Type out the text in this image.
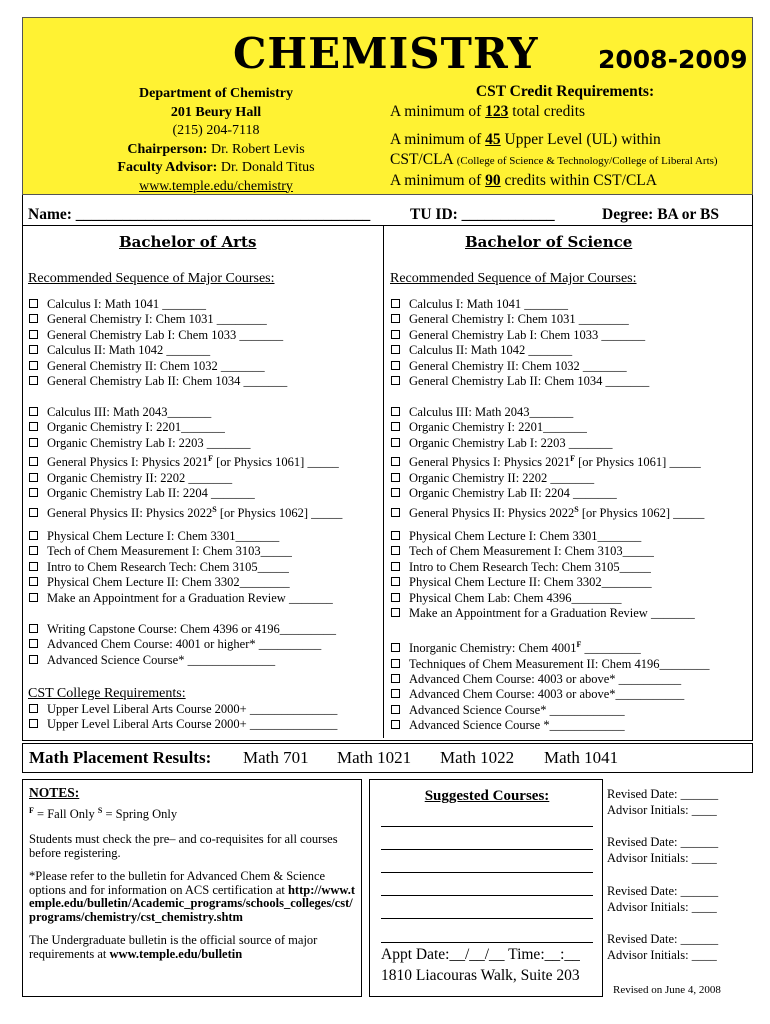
CHEMISTRY 2008-2009
Department of Chemistry
201 Beury Hall
(215) 204-7118
Chairperson: Dr. Robert Levis
Faculty Advisor: Dr. Donald Titus
www.temple.edu/chemistry
CST Credit Requirements:
A minimum of 123 total credits
A minimum of 45 Upper Level (UL) within
CST/CLA (College of Science & Technology/College of Liberal Arts)
A minimum of 90 credits within CST/CLA
Name: ______________________________________	TU ID: ____________	Degree: BA or BS
Bachelor of Arts
Recommended Sequence of Major Courses:
Calculus I: Math 1041 _______
General Chemistry I: Chem 1031 ________
General Chemistry Lab I: Chem 1033 _______
Calculus II: Math 1042 _______
General Chemistry II: Chem 1032 _______
General Chemistry Lab II: Chem 1034 _______
Calculus III: Math 2043_______
Organic Chemistry I: 2201_______
Organic Chemistry Lab I: 2203 _______
General Physics I: Physics $2021^F$ [or Physics 1061] _____
Organic Chemistry II: 2202 _______
Organic Chemistry Lab II: 2204 _______
General Physics II: Physics $2022^S$ [or Physics 1062] _____
Physical Chem Lecture I: Chem 3301_______
Tech of Chem Measurement I: Chem 3103_____
Intro to Chem Research Tech: Chem 3105_____
Physical Chem Lecture II: Chem 3302________
Make an Appointment for a Graduation Review _______
Writing Capstone Course: Chem 4396 or 4196_________
Advanced Chem Course: 4001 or higher* __________
Advanced Science Course* ______________
CST College Requirements:
Upper Level Liberal Arts Course 2000+ ______________
Upper Level Liberal Arts Course 2000+ ______________
Bachelor of Science
Recommended Sequence of Major Courses:
Calculus I: Math 1041 _______
General Chemistry I: Chem 1031 ________
General Chemistry Lab I: Chem 1033 _______
Calculus II: Math 1042 _______
General Chemistry II: Chem 1032 _______
General Chemistry Lab II: Chem 1034 _______
Calculus III: Math 2043_______
Organic Chemistry I: 2201_______
Organic Chemistry Lab I: 2203 _______
General Physics I: Physics $2021^F$ [or Physics 1061] _____
Organic Chemistry II: 2202 _______
Organic Chemistry Lab II: 2204 _______
General Physics II: Physics $2022^S$ [or Physics 1062] _____
Physical Chem Lecture I: Chem 3301_______
Tech of Chem Measurement I: Chem 3103_____
Intro to Chem Research Tech: Chem 3105_____
Physical Chem Lecture II: Chem 3302________
Physical Chem Lab: Chem 4396________
Make an Appointment for a Graduation Review _______
Inorganic Chemistry: Chem $4001^F$ _________
Techniques of Chem Measurement II: Chem 4196________
Advanced Chem Course: 4003 or above* __________
Advanced Chem Course: 4003 or above*___________
Advanced Science Course* ____________
Advanced Science Course *____________
Math Placement Results: Math 701 Math 1021 Math 1022 Math 1041
NOTES:
$^F$ = Fall Only $^S$ = Spring Only
Students must check the pre– and co-requisites for all courses before registering.
*Please refer to the bulletin for Advanced Chem & Science options and for information on ACS certification at http://www.temple.edu/bulletin/Academic_programs/schools_colleges/cst/programs/chemistry/cst_chemistry.shtm
The Undergraduate bulletin is the official source of major requirements at www.temple.edu/bulletin
Suggested Courses:
Appt Date:__/__/__ Time:__:__
1810 Liacouras Walk, Suite 203
Revised Date: ______
Advisor Initials: ____
Revised Date: ______
Advisor Initials: ____
Revised Date: ______
Advisor Initials: ____
Revised Date: ______
Advisor Initials: ____
Revised on June 4, 2008
